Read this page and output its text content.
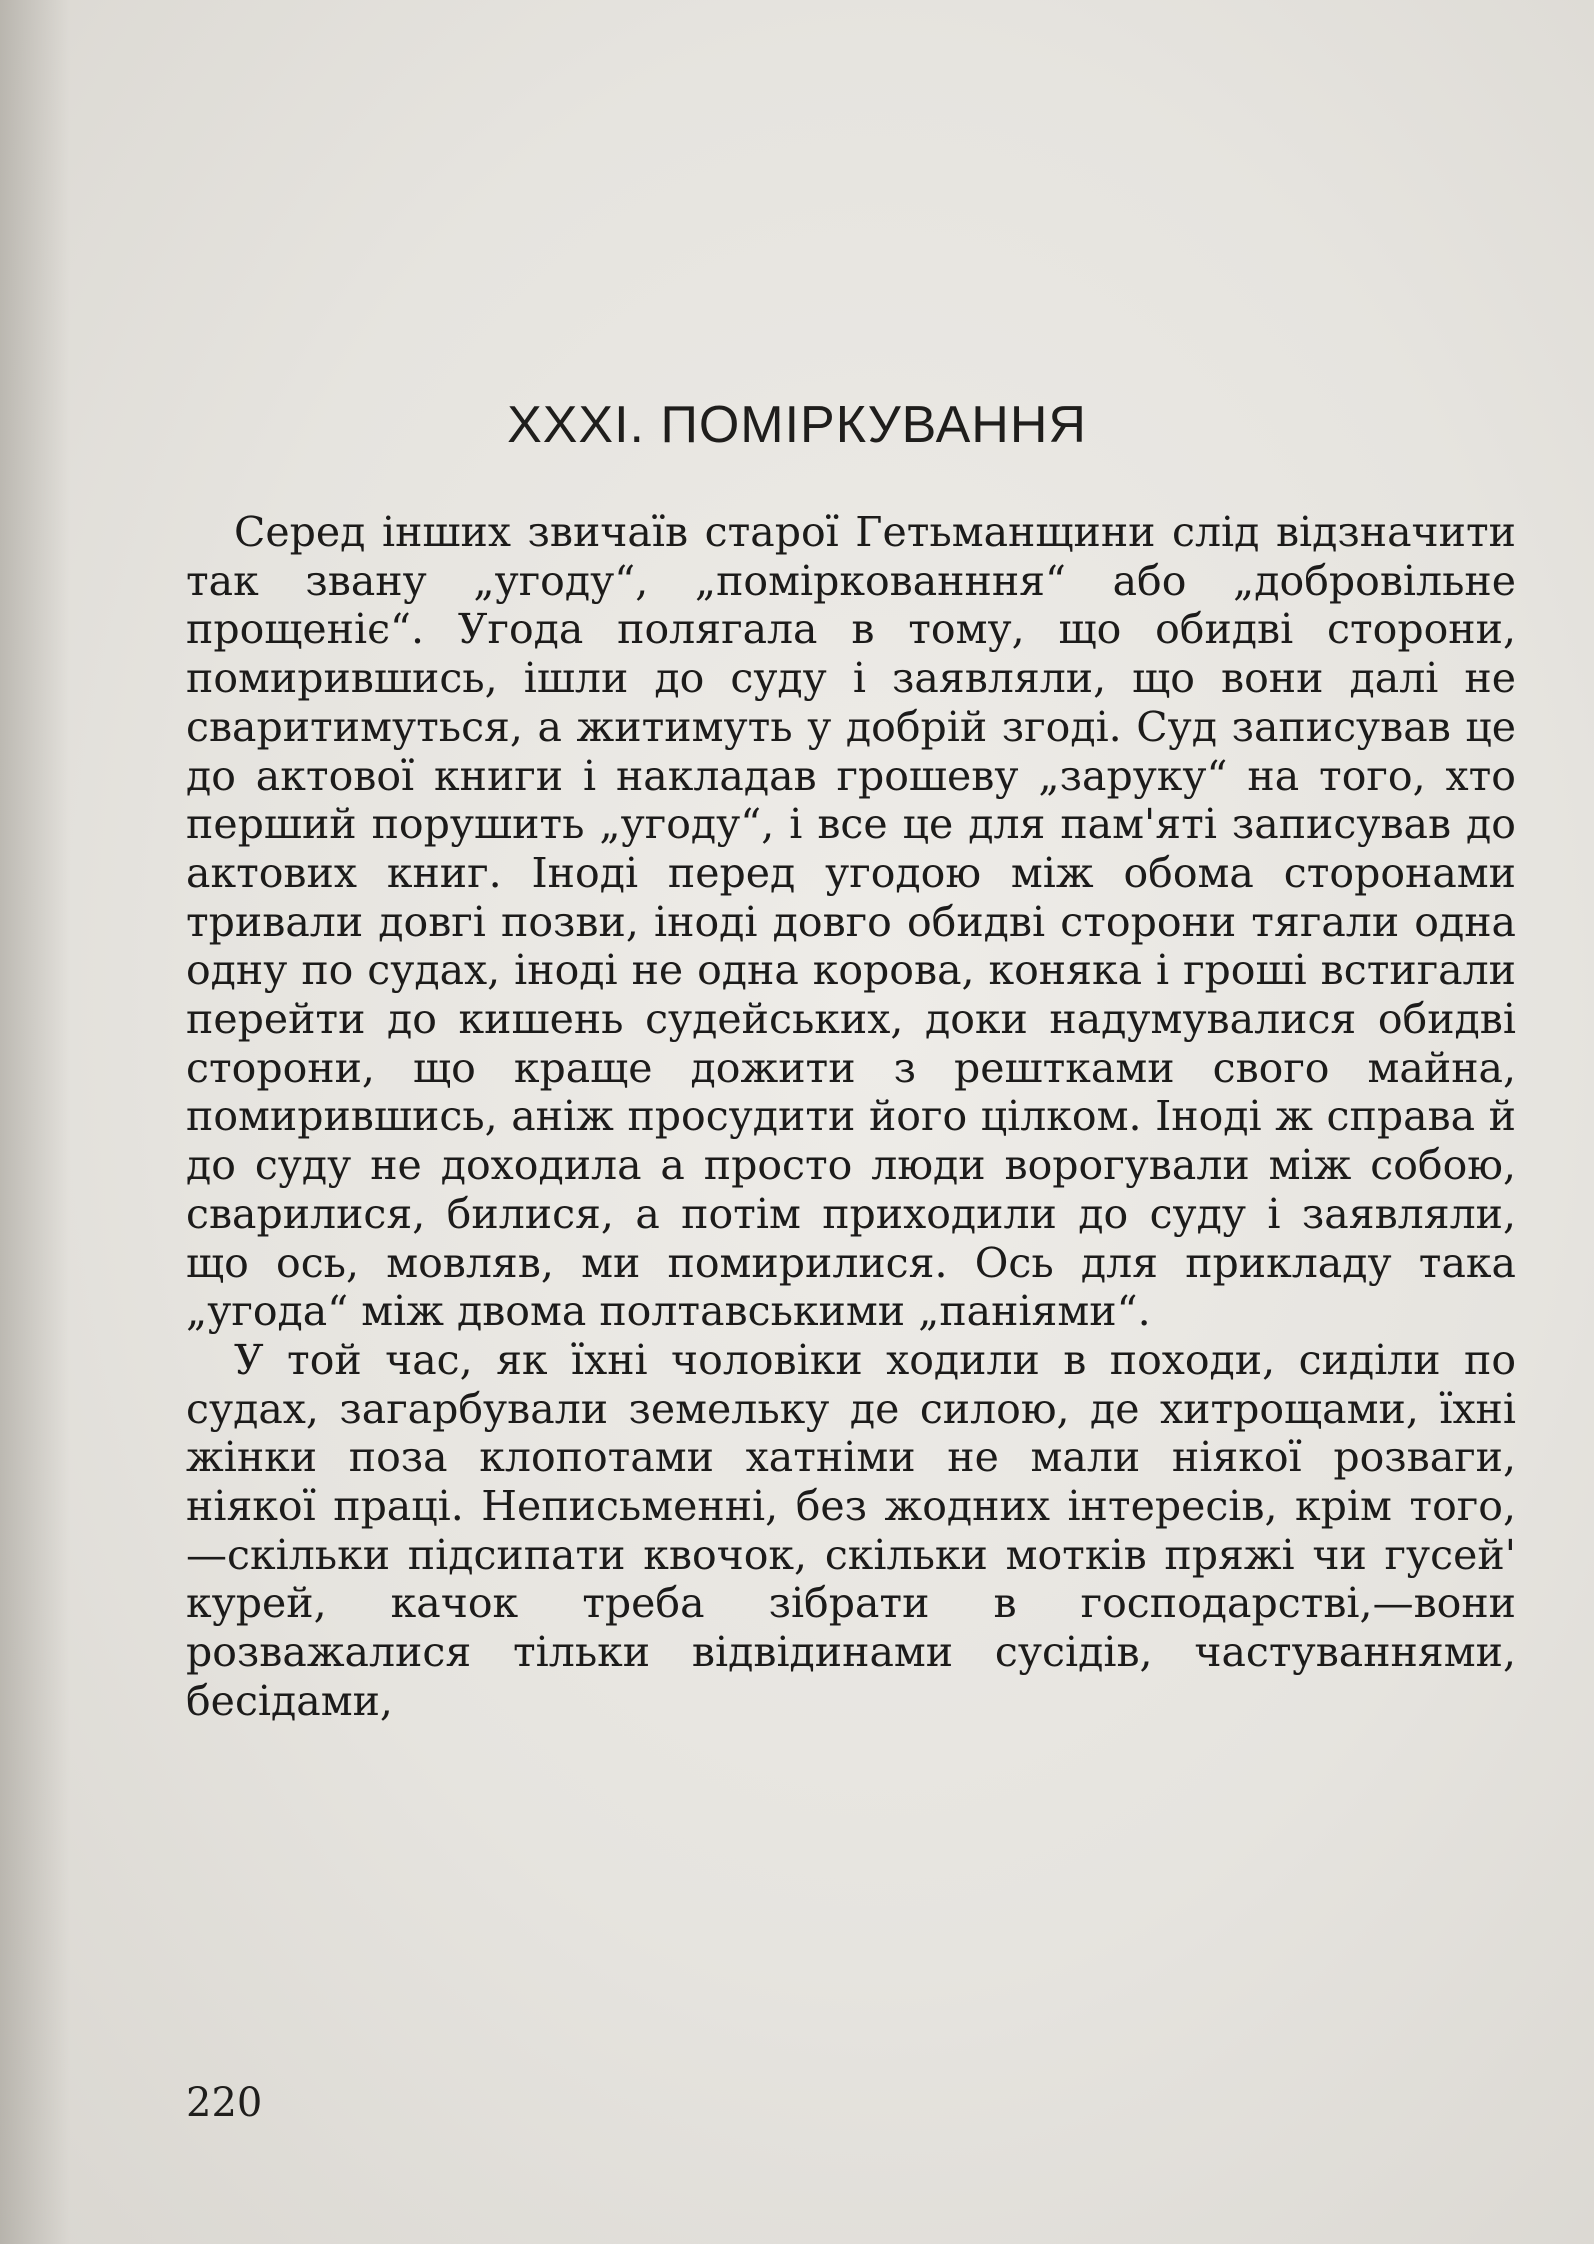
XXXI. ПОМІРКУВАННЯ

Серед інших звичаїв старої Гетьманщини слід відзначити так звану „угоду“, „поміркованння“ або „добровільне прощеніє“. Угода полягала в тому, що обидві сторони, помирившись, ішли до суду і заявляли, що вони далі не сваритимуться, а житимуть у добрій згоді. Суд записував це до актової книги і накладав грошеву „заруку“ на того, хто перший порушить „угоду“, і все це для пам'яті записував до актових книг. Іноді перед угодою між обома сторонами тривали довгі позви, іноді довго обидві сторони тягали одна одну по судах, іноді не одна корова, коняка і гроші встигали перейти до кишень судейських, доки надумувалися обидві сторони, що краще дожити з рештками свого майна, помирившись, аніж просудити його цілком. Іноді ж справа й до суду не доходила а просто люди ворогували між собою, сварилися, билися, а потім приходили до суду і заявляли, що ось, мовляв, ми помирилися. Ось для прикладу така „угода“ між двома полтавськими „паніями“.

У той час, як їхні чоловіки ходили в походи, сиділи по судах, загарбували земельку де силою, де хитрощами, їхні жінки поза клопотами хатніми не мали ніякої розваги, ніякої праці. Неписьменні, без жодних інтересів, крім того,—скільки підсипати квочок, скільки мотків пряжі чи гусей' курей, качок треба зібрати в господарстві,—вони розважалися тільки відвідинами сусідів, частуваннями, бесідами,

220
